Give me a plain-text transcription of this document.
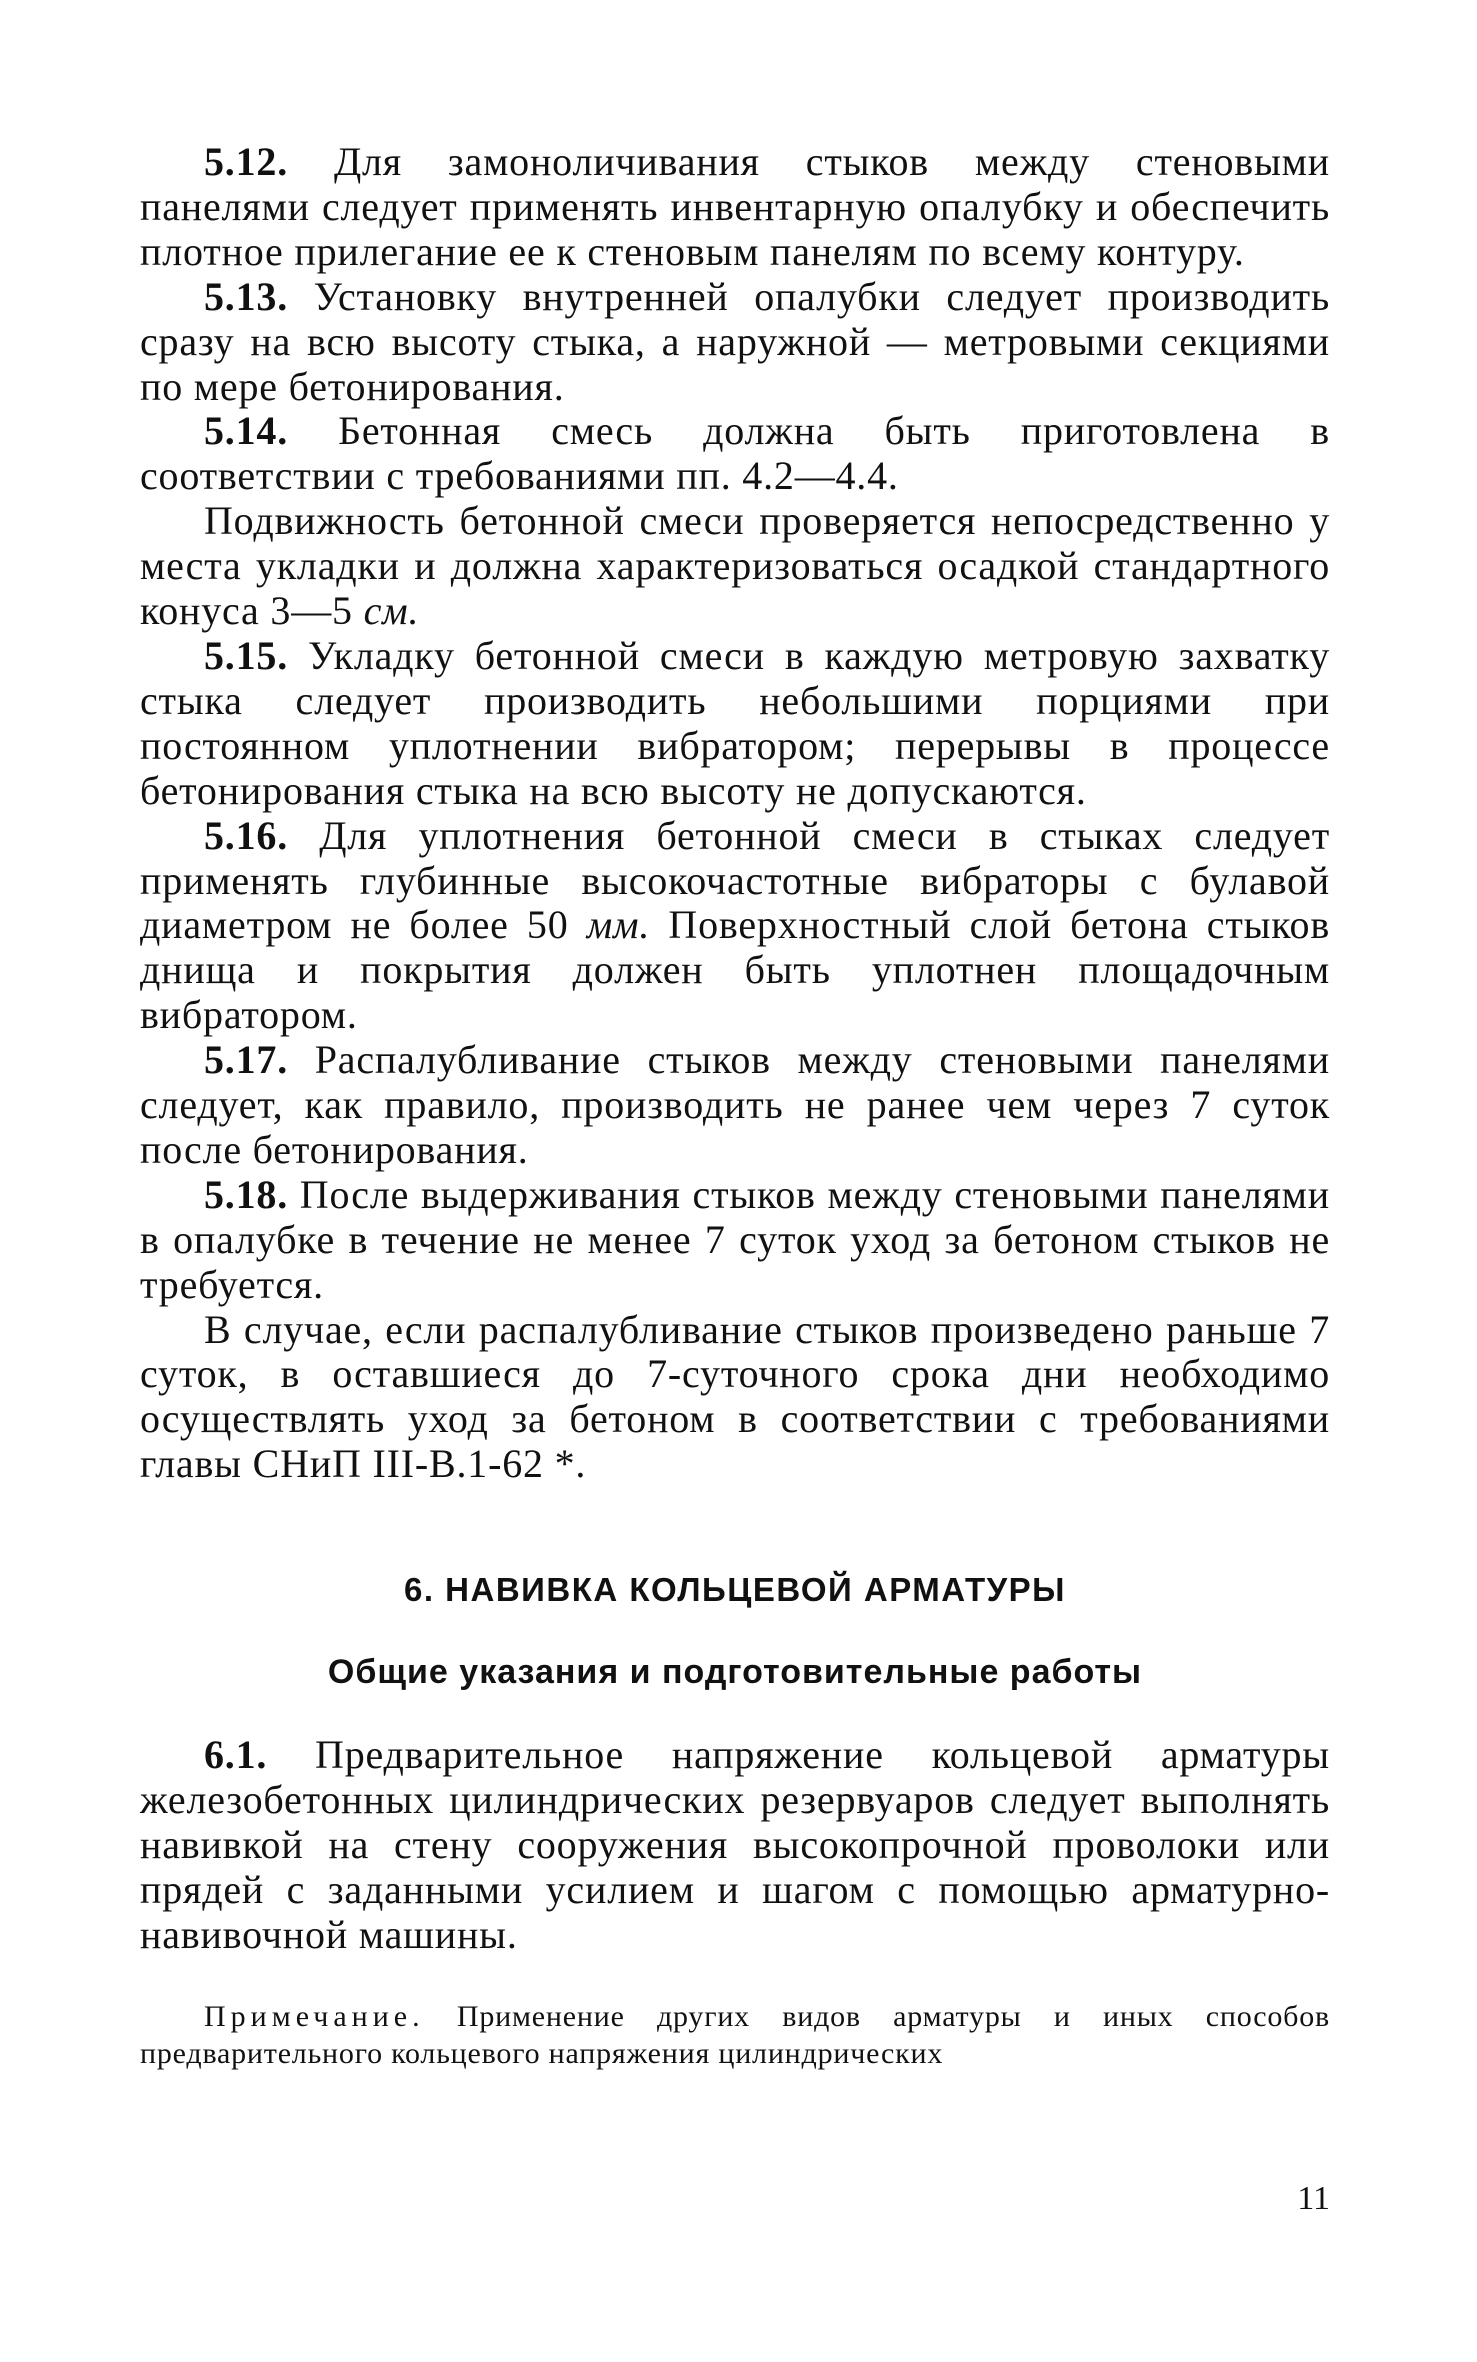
5.12. Для замоноличивания стыков между стеновыми панелями следует применять инвентарную опалубку и обеспечить плотное прилегание ее к стеновым панелям по всему контуру.

5.13. Установку внутренней опалубки следует производить сразу на всю высоту стыка, а наружной — метровыми секциями по мере бетонирования.

5.14. Бетонная смесь должна быть приготовлена в соответствии с требованиями пп. 4.2—4.4.

Подвижность бетонной смеси проверяется непосредственно у места укладки и должна характеризоваться осадкой стандартного конуса 3—5 см.

5.15. Укладку бетонной смеси в каждую метровую захватку стыка следует производить небольшими порциями при постоянном уплотнении вибратором; перерывы в процессе бетонирования стыка на всю высоту не допускаются.

5.16. Для уплотнения бетонной смеси в стыках следует применять глубинные высокочастотные вибраторы с булавой диаметром не более 50 мм. Поверхностный слой бетона стыков днища и покрытия должен быть уплотнен площадочным вибратором.

5.17. Распалубливание стыков между стеновыми панелями следует, как правило, производить не ранее чем через 7 суток после бетонирования.

5.18. После выдерживания стыков между стеновыми панелями в опалубке в течение не менее 7 суток уход за бетоном стыков не требуется.

В случае, если распалубливание стыков произведено раньше 7 суток, в оставшиеся до 7-суточного срока дни необходимо осуществлять уход за бетоном в соответствии с требованиями главы СНиП III-В.1-62 *.

6. НАВИВКА КОЛЬЦЕВОЙ АРМАТУРЫ
Общие указания и подготовительные работы

6.1. Предварительное напряжение кольцевой арматуры железобетонных цилиндрических резервуаров следует выполнять навивкой на стену сооружения высокопрочной проволоки или прядей с заданными усилием и шагом с помощью арматурно-навивочной машины.

Примечание. Применение других видов арматуры и иных способов предварительного кольцевого напряжения цилиндрических

11
